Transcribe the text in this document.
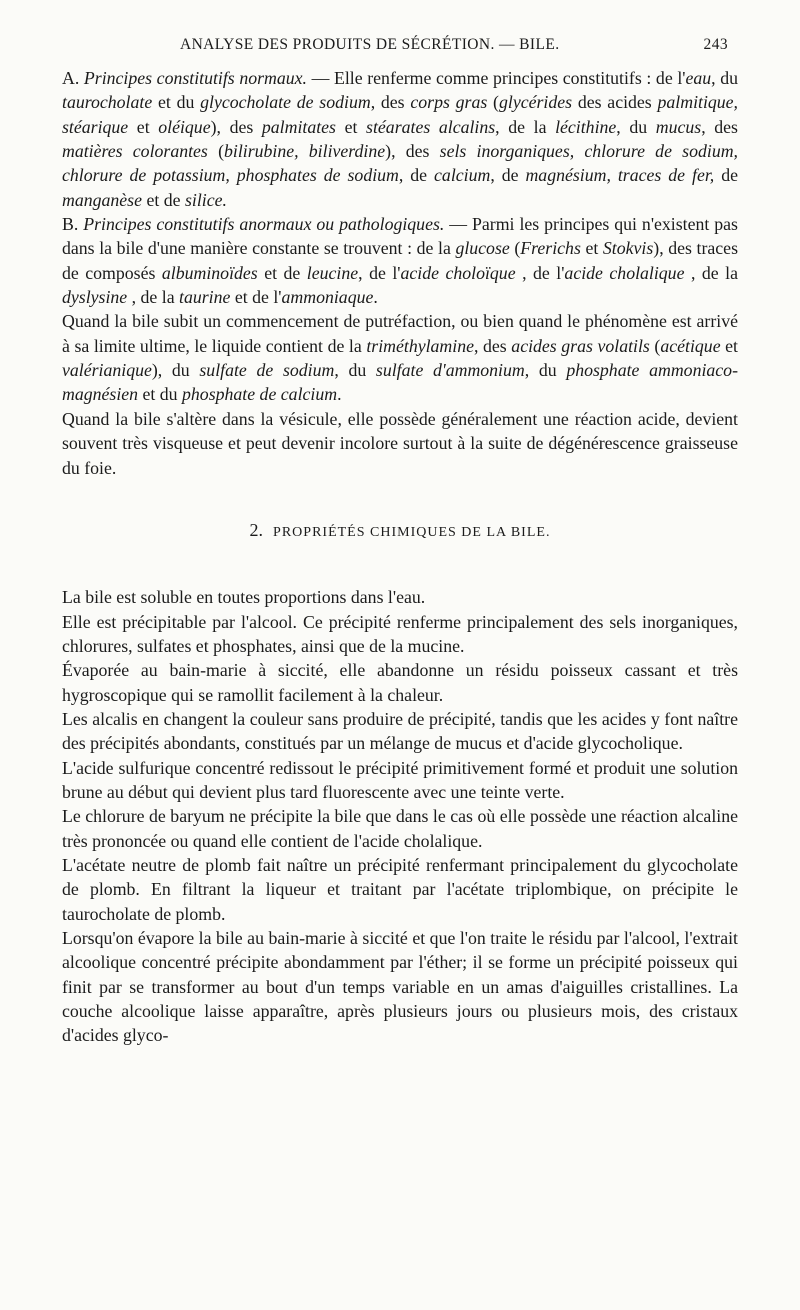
ANALYSE DES PRODUITS DE SÉCRÉTION. — BILE.	243

A. Principes constitutifs normaux. — Elle renferme comme principes constitutifs : de l'eau, du taurocholate et du glycocholate de sodium, des corps gras (glycérides des acides palmitique, stéarique et oléique), des palmitates et stéarates alcalins, de la lécithine, du mucus, des matières colorantes (bilirubine, biliverdine), des sels inorganiques, chlorure de sodium, chlorure de potassium, phosphates de sodium, de calcium, de magnésium, traces de fer, de manganèse et de silice.

B. Principes constitutifs anormaux ou pathologiques. — Parmi les principes qui n'existent pas dans la bile d'une manière constante se trouvent : de la glucose (Frerichs et Stokvis), des traces de composés albuminoïdes et de leucine, de l'acide choloïque , de l'acide cholalique , de la dyslysine , de la taurine et de l'ammoniaque.

Quand la bile subit un commencement de putréfaction, ou bien quand le phénomène est arrivé à sa limite ultime, le liquide contient de la triméthylamine, des acides gras volatils (acétique et valérianique), du sulfate de sodium, du sulfate d'ammonium, du phosphate ammoniaco-magnésien et du phosphate de calcium.

Quand la bile s'altère dans la vésicule, elle possède généralement une réaction acide, devient souvent très visqueuse et peut devenir incolore surtout à la suite de dégénérescence graisseuse du foie.

2. PROPRIÉTÉS CHIMIQUES DE LA BILE.

La bile est soluble en toutes proportions dans l'eau.

Elle est précipitable par l'alcool. Ce précipité renferme principalement des sels inorganiques, chlorures, sulfates et phosphates, ainsi que de la mucine.

Évaporée au bain-marie à siccité, elle abandonne un résidu poisseux cassant et très hygroscopique qui se ramollit facilement à la chaleur.

Les alcalis en changent la couleur sans produire de précipité, tandis que les acides y font naître des précipités abondants, constitués par un mélange de mucus et d'acide glycocholique.

L'acide sulfurique concentré redissout le précipité primitivement formé et produit une solution brune au début qui devient plus tard fluorescente avec une teinte verte.

Le chlorure de baryum ne précipite la bile que dans le cas où elle possède une réaction alcaline très prononcée ou quand elle contient de l'acide cholalique.

L'acétate neutre de plomb fait naître un précipité renfermant principalement du glycocholate de plomb. En filtrant la liqueur et traitant par l'acétate triplombique, on précipite le taurocholate de plomb.

Lorsqu'on évapore la bile au bain-marie à siccité et que l'on traite le résidu par l'alcool, l'extrait alcoolique concentré précipite abondamment par l'éther; il se forme un précipité poisseux qui finit par se transformer au bout d'un temps variable en un amas d'aiguilles cristallines. La couche alcoolique laisse apparaître, après plusieurs jours ou plusieurs mois, des cristaux d'acides glyco-
